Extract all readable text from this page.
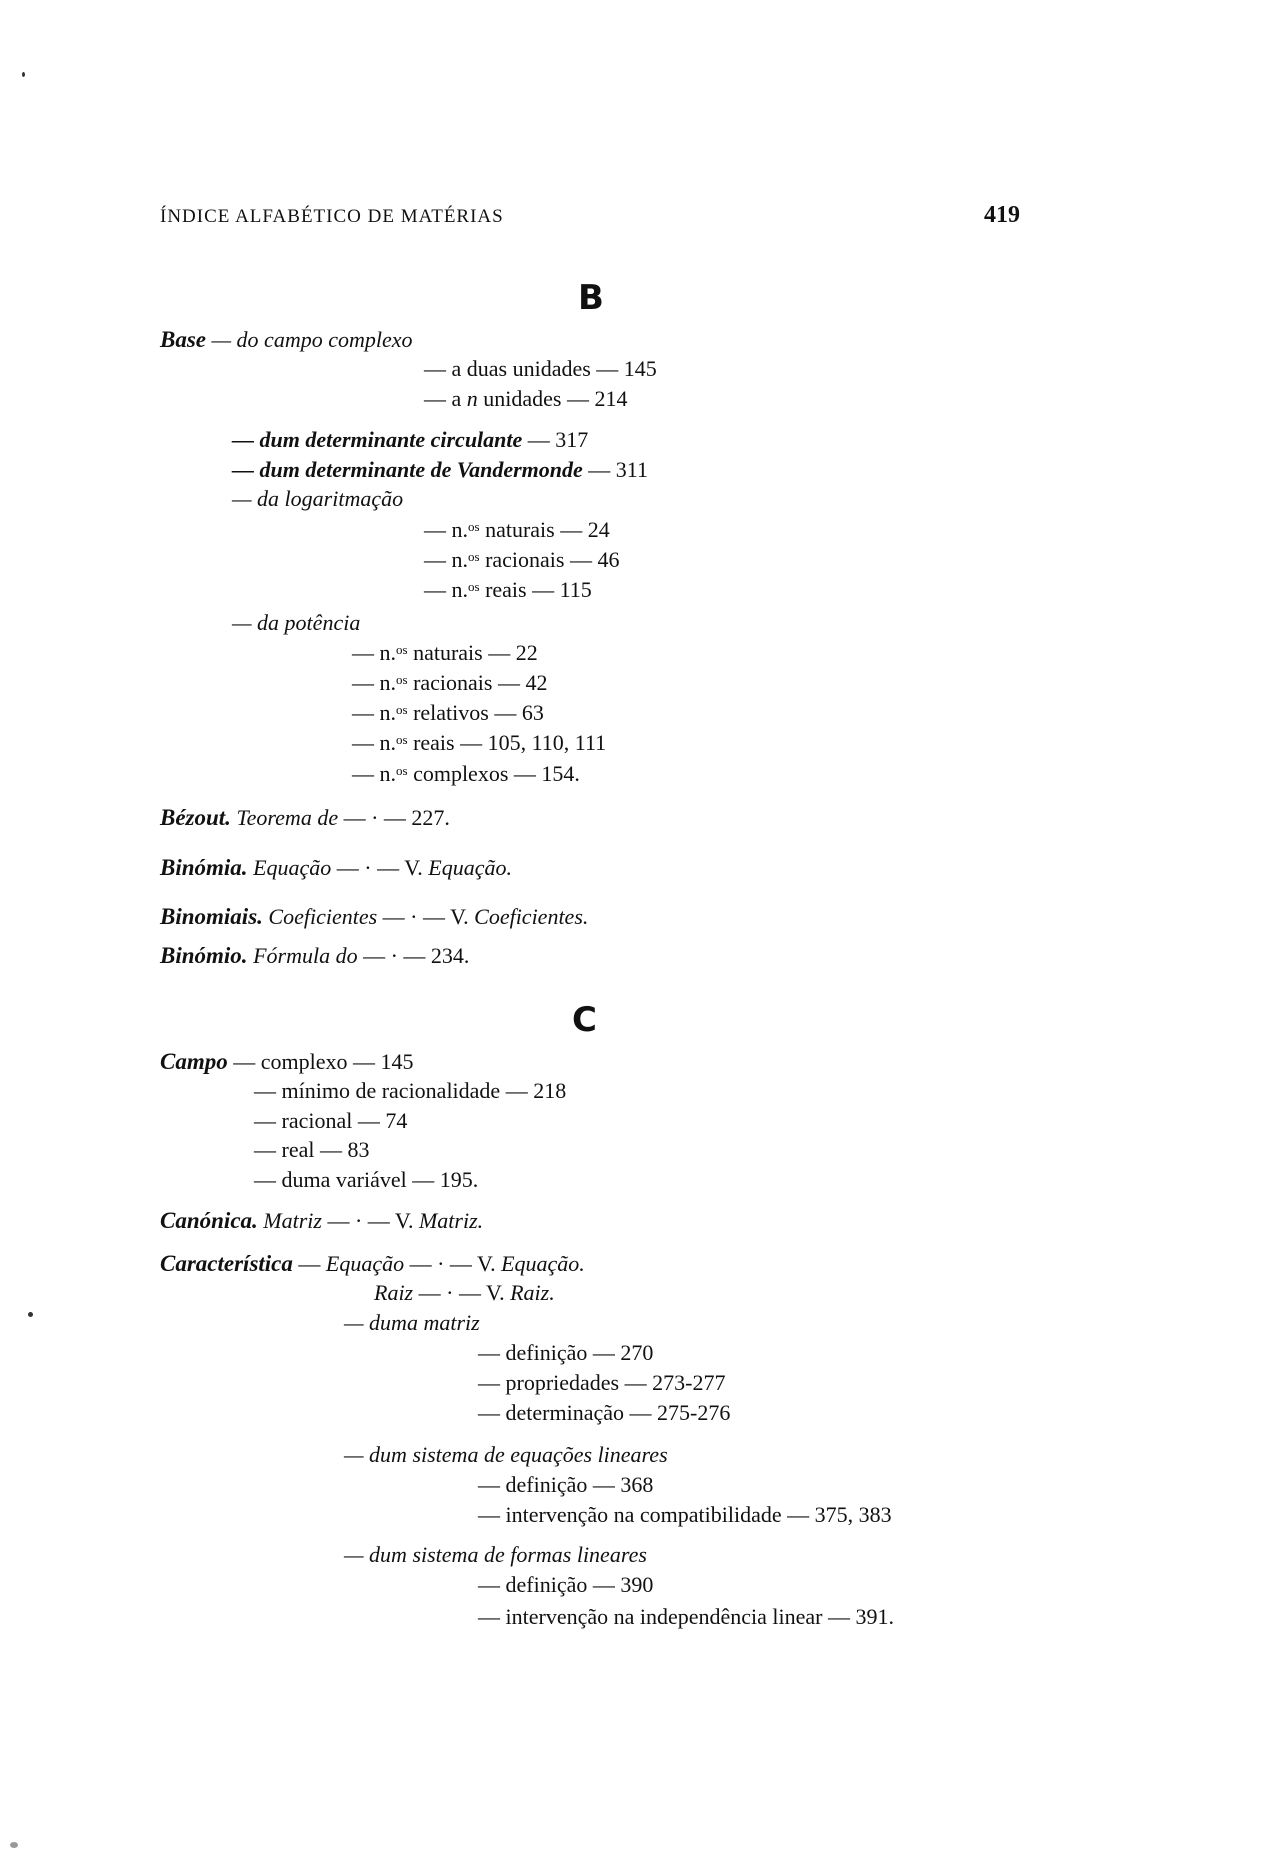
ÍNDICE ALFABÉTICO DE MATÉRIAS	419
B
Base — do campo complexo
— a duas unidades — 145
— a n unidades — 214
— dum determinante circulante — 317
— dum determinante de Vandermonde — 311
— da logaritmação
— n.$^{os}$ naturais — 24
— n.$^{os}$ racionais — 46
— n.$^{os}$ reais — 115
— da potência
— n.$^{os}$ naturais — 22
— n.$^{os}$ racionais — 42
— n.$^{os}$ relativos — 63
— n.$^{os}$ reais — 105, 110, 111
— n.$^{os}$ complexos — 154.
Bézout. Teorema de — · — 227.
Binómia. Equação — · — V. Equação.
Binomiais. Coeficientes — · — V. Coeficientes.
Binómio. Fórmula do — · — 234.
C
Campo — complexo — 145
— mínimo de racionalidade — 218
— racional — 74
— real — 83
— duma variável — 195.
Canónica. Matriz — · — V. Matriz.
Característica — Equação — · — V. Equação.
Raiz — · — V. Raiz.
— duma matriz
— definição — 270
— propriedades — 273-277
— determinação — 275-276
— dum sistema de equações lineares
— definição — 368
— intervenção na compatibilidade — 375, 383
— dum sistema de formas lineares
— definição — 390
— intervenção na independência linear — 391.
